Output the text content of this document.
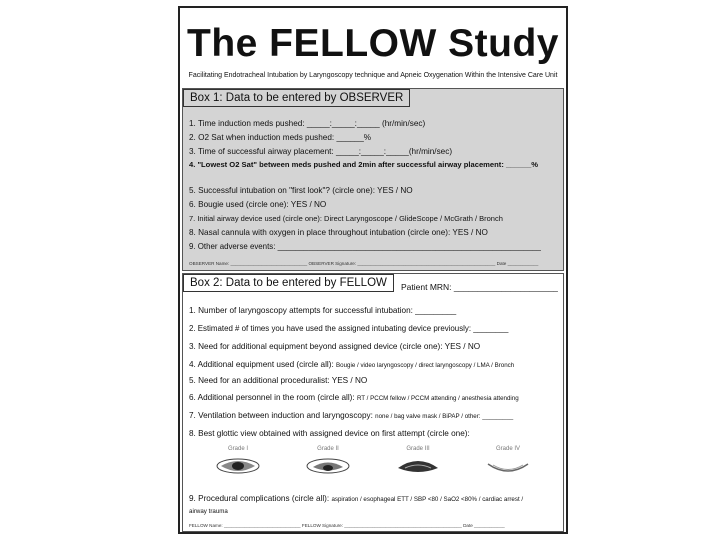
The FELLOW Study
Facilitating Endotracheal Intubation by Laryngoscopy technique and Apneic Oxygenation Within the Intensive Care Unit
Box 1: Data to be entered by OBSERVER
1. Time induction meds pushed: _____:_____:_____ (hr/min/sec)
2. O2 Sat when induction meds pushed: ______%
3. Time of successful airway placement: _____:_____:_____(hr/min/sec)
4. "Lowest O2 Sat" between meds pushed and 2min after successful airway placement: ______%
5. Successful intubation on "first look"? (circle one): YES / NO
6. Bougie used (circle one): YES / NO
7. Initial airway device used (circle one): Direct Laryngoscope / GlideScope / McGrath / Bronch
8. Nasal cannula with oxygen in place throughout intubation (circle one): YES / NO
9. Other adverse events: ____________________________________________________________
OBSERVER Name: ______________________________ OBSERVER Signature: ______________________________________________________ Date ____________
Box 2: Data to be entered by FELLOW	Patient MRN: ______________________
1. Number of laryngoscopy attempts for successful intubation: _________
2. Estimated # of times you have used the assigned intubating device previously: ________
3. Need for additional equipment beyond assigned device (circle one): YES / NO
4. Additional equipment used (circle all): Bougie / video laryngoscopy / direct laryngoscopy / LMA / Bronch
5. Need for an additional proceduralist: YES / NO
6. Additional personnel in the room (circle all): RT / PCCM fellow / PCCM attending / anesthesia attending
7. Ventilation between induction and laryngoscopy: none / bag valve mask / BiPAP / other: _________
8. Best glottic view obtained with assigned device on first attempt (circle one):
Grade I	Grade II	Grade III	Grade IV
9. Procedural complications (circle all): aspiration / esophageal ETT / SBP <80 / SaO2 <80% / cardiac arrest /
airway trauma
FELLOW Name: ______________________________ FELLOW Signature: ______________________________________________ Date ____________
